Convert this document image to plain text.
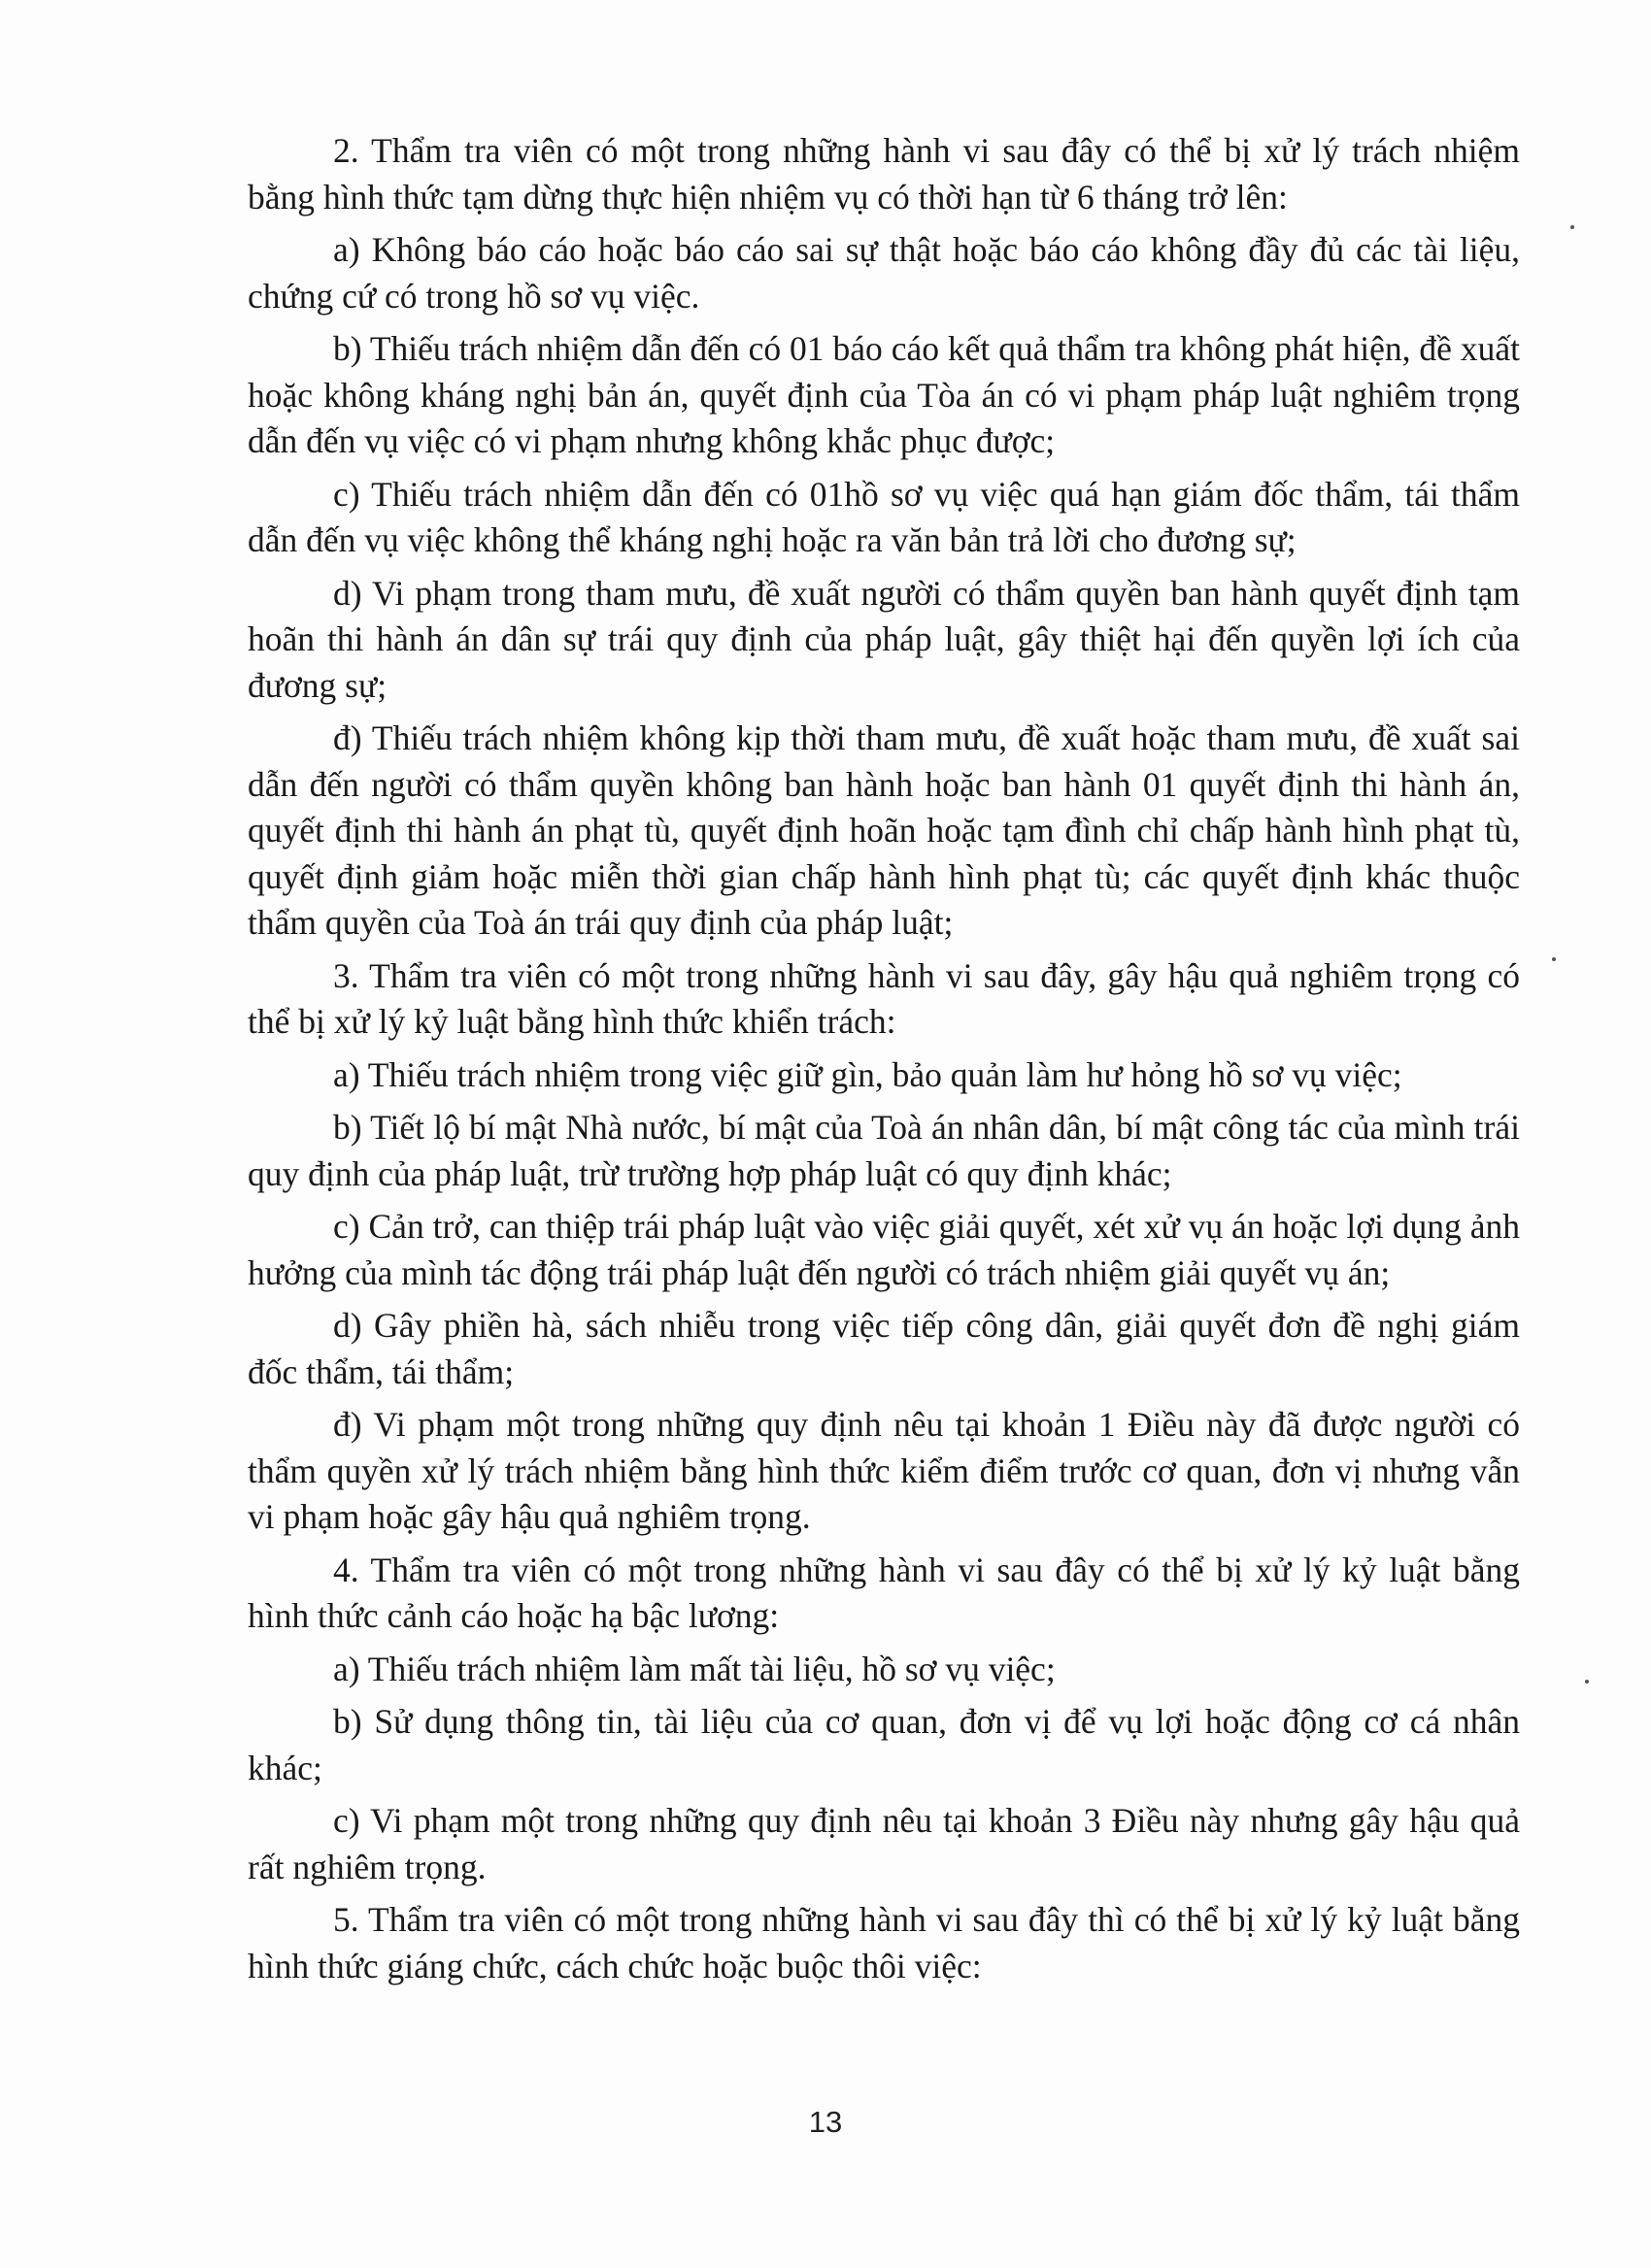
2. Thẩm tra viên có một trong những hành vi sau đây có thể bị xử lý trách nhiệm bằng hình thức tạm dừng thực hiện nhiệm vụ có thời hạn từ 6 tháng trở lên:

a) Không báo cáo hoặc báo cáo sai sự thật hoặc báo cáo không đầy đủ các tài liệu, chứng cứ có trong hồ sơ vụ việc.

b) Thiếu trách nhiệm dẫn đến có 01 báo cáo kết quả thẩm tra không phát hiện, đề xuất hoặc không kháng nghị bản án, quyết định của Tòa án có vi phạm pháp luật nghiêm trọng dẫn đến vụ việc có vi phạm nhưng không khắc phục được;

c) Thiếu trách nhiệm dẫn đến có 01hồ sơ vụ việc quá hạn giám đốc thẩm, tái thẩm dẫn đến vụ việc không thể kháng nghị hoặc ra văn bản trả lời cho đương sự;

d) Vi phạm trong tham mưu, đề xuất người có thẩm quyền ban hành quyết định tạm hoãn thi hành án dân sự trái quy định của pháp luật, gây thiệt hại đến quyền lợi ích của đương sự;

đ) Thiếu trách nhiệm không kịp thời tham mưu, đề xuất hoặc tham mưu, đề xuất sai dẫn đến người có thẩm quyền không ban hành hoặc ban hành 01 quyết định thi hành án, quyết định thi hành án phạt tù, quyết định hoãn hoặc tạm đình chỉ chấp hành hình phạt tù, quyết định giảm hoặc miễn thời gian chấp hành hình phạt tù; các quyết định khác thuộc thẩm quyền của Toà án trái quy định của pháp luật;

3. Thẩm tra viên có một trong những hành vi sau đây, gây hậu quả nghiêm trọng có thể bị xử lý kỷ luật bằng hình thức khiển trách:

a) Thiếu trách nhiệm trong việc giữ gìn, bảo quản làm hư hỏng hồ sơ vụ việc;

b) Tiết lộ bí mật Nhà nước, bí mật của Toà án nhân dân, bí mật công tác của mình trái quy định của pháp luật, trừ trường hợp pháp luật có quy định khác;

c) Cản trở, can thiệp trái pháp luật vào việc giải quyết, xét xử vụ án hoặc lợi dụng ảnh hưởng của mình tác động trái pháp luật đến người có trách nhiệm giải quyết vụ án;

d) Gây phiền hà, sách nhiễu trong việc tiếp công dân, giải quyết đơn đề nghị giám đốc thẩm, tái thẩm;

đ) Vi phạm một trong những quy định nêu tại khoản 1 Điều này đã được người có thẩm quyền xử lý trách nhiệm bằng hình thức kiểm điểm trước cơ quan, đơn vị nhưng vẫn vi phạm hoặc gây hậu quả nghiêm trọng.

4. Thẩm tra viên có một trong những hành vi sau đây có thể bị xử lý kỷ luật bằng hình thức cảnh cáo hoặc hạ bậc lương:

a) Thiếu trách nhiệm làm mất tài liệu, hồ sơ vụ việc;

b) Sử dụng thông tin, tài liệu của cơ quan, đơn vị để vụ lợi hoặc động cơ cá nhân khác;

c) Vi phạm một trong những quy định nêu tại khoản 3 Điều này nhưng gây hậu quả rất nghiêm trọng.

5. Thẩm tra viên có một trong những hành vi sau đây thì có thể bị xử lý kỷ luật bằng hình thức giáng chức, cách chức hoặc buộc thôi việc:

13
